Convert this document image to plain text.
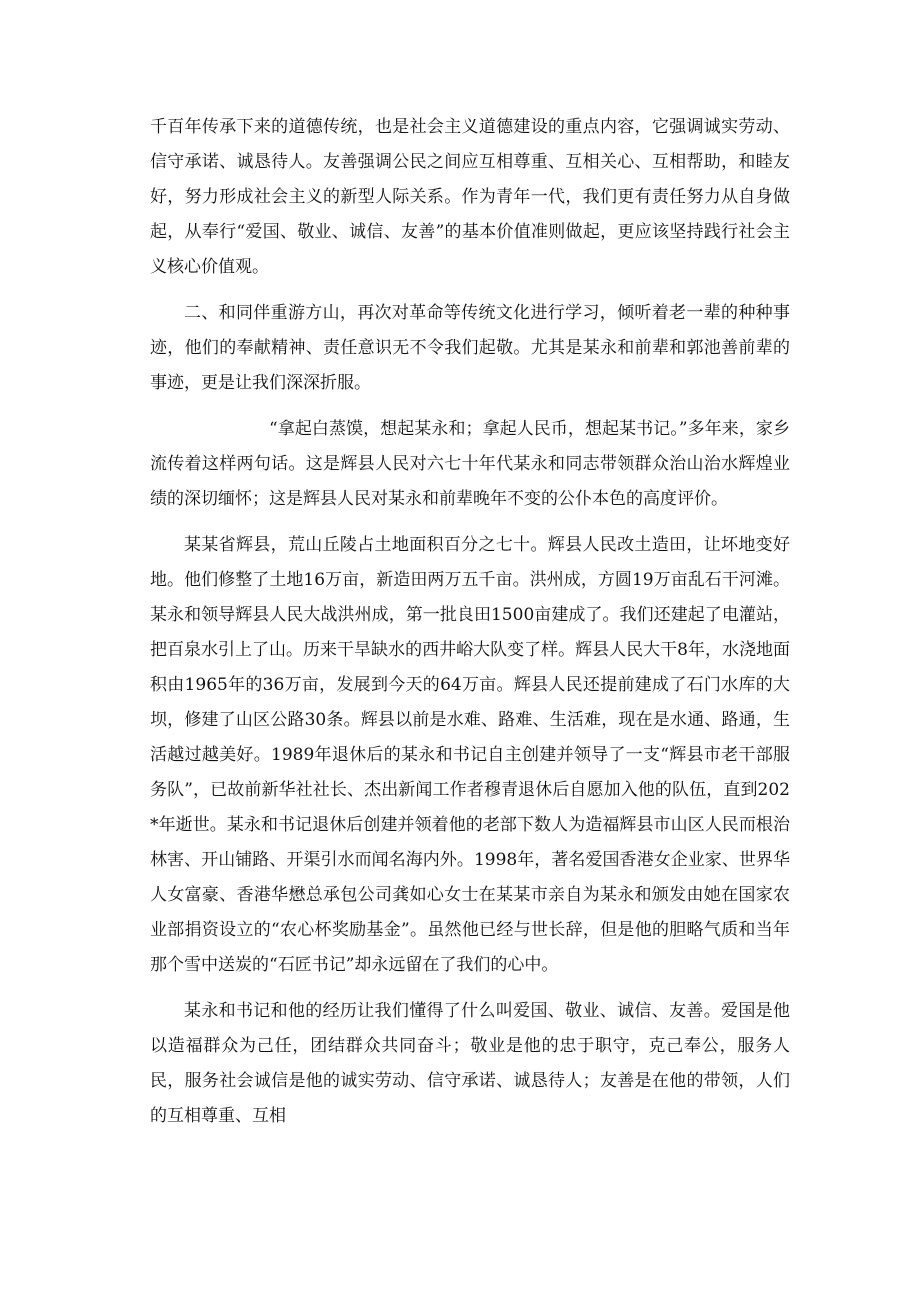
千百年传承下来的道德传统，也是社会主义道德建设的重点内容，它强调诚实劳动、信守承诺、诚恳待人。友善强调公民之间应互相尊重、互相关心、互相帮助，和睦友好，努力形成社会主义的新型人际关系。作为青年一代，我们更有责任努力从自身做起，从奉行“爱国、敬业、诚信、友善”的基本价值准则做起，更应该坚持践行社会主义核心价值观。

二、和同伴重游方山，再次对革命等传统文化进行学习，倾听着老一辈的种种事迹，他们的奉献精神、责任意识无不令我们起敬。尤其是某永和前辈和郭池善前辈的事迹，更是让我们深深折服。

“拿起白蒸馍，想起某永和；拿起人民币，想起某书记。”多年来，家乡流传着这样两句话。这是辉县人民对六七十年代某永和同志带领群众治山治水辉煌业绩的深切缅怀；这是辉县人民对某永和前辈晚年不变的公仆本色的高度评价。

某某省辉县，荒山丘陵占土地面积百分之七十。辉县人民改土造田，让坏地变好地。他们修整了土地16万亩，新造田两万五千亩。洪州成，方圆19万亩乱石干河滩。某永和领导辉县人民大战洪州成，第一批良田1500亩建成了。我们还建起了电灌站，把百泉水引上了山。历来干旱缺水的西井峪大队变了样。辉县人民大干8年，水浇地面积由1965年的36万亩，发展到今天的64万亩。辉县人民还提前建成了石门水库的大坝，修建了山区公路30条。辉县以前是水难、路难、生活难，现在是水通、路通，生活越过越美好。1989年退休后的某永和书记自主创建并领导了一支“辉县市老干部服务队”，已故前新华社社长、杰出新闻工作者穆青退休后自愿加入他的队伍，直到202*年逝世。某永和书记退休后创建并领着他的老部下数人为造福辉县市山区人民而根治林害、开山铺路、开渠引水而闻名海内外。1998年，著名爱国香港女企业家、世界华人女富豪、香港华懋总承包公司龚如心女士在某某市亲自为某永和颁发由她在国家农业部捐资设立的“农心杯奖励基金”。虽然他已经与世长辞，但是他的胆略气质和当年那个雪中送炭的“石匠书记”却永远留在了我们的心中。

某永和书记和他的经历让我们懂得了什么叫爱国、敬业、诚信、友善。爱国是他以造福群众为己任，团结群众共同奋斗；敬业是他的忠于职守，克己奉公，服务人民，服务社会诚信是他的诚实劳动、信守承诺、诚恳待人；友善是在他的带领，人们的互相尊重、互相
